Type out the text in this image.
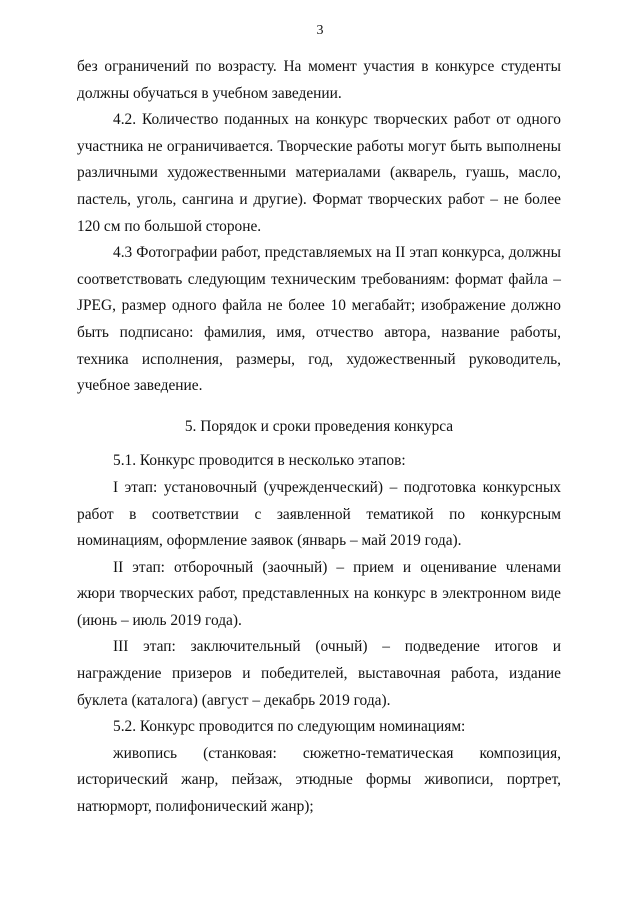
3

без ограничений по возрасту. На момент участия в конкурсе студенты должны обучаться в учебном заведении.

4.2. Количество поданных на конкурс творческих работ от одного участника не ограничивается. Творческие работы могут быть выполнены различными художественными материалами (акварель, гуашь, масло, пастель, уголь, сангина и другие). Формат творческих работ – не более 120 см по большой стороне.

4.3 Фотографии работ, представляемых на II этап конкурса, должны соответствовать следующим техническим требованиям: формат файла – JPEG, размер одного файла не более 10 мегабайт; изображение должно быть подписано: фамилия, имя, отчество автора, название работы, техника исполнения, размеры, год, художественный руководитель, учебное заведение.

5. Порядок и сроки проведения конкурса

5.1. Конкурс проводится в несколько этапов:

I этап: установочный (учрежденческий) – подготовка конкурсных работ в соответствии с заявленной тематикой по конкурсным номинациям, оформление заявок (январь – май 2019 года).

II этап: отборочный (заочный) – прием и оценивание членами жюри творческих работ, представленных на конкурс в электронном виде (июнь – июль 2019 года).

III этап: заключительный (очный) – подведение итогов и награждение призеров и победителей, выставочная работа, издание буклета (каталога) (август – декабрь 2019 года).

5.2. Конкурс проводится по следующим номинациям:

живопись (станковая: сюжетно-тематическая композиция, исторический жанр, пейзаж, этюдные формы живописи, портрет, натюрморт, полифонический жанр);
